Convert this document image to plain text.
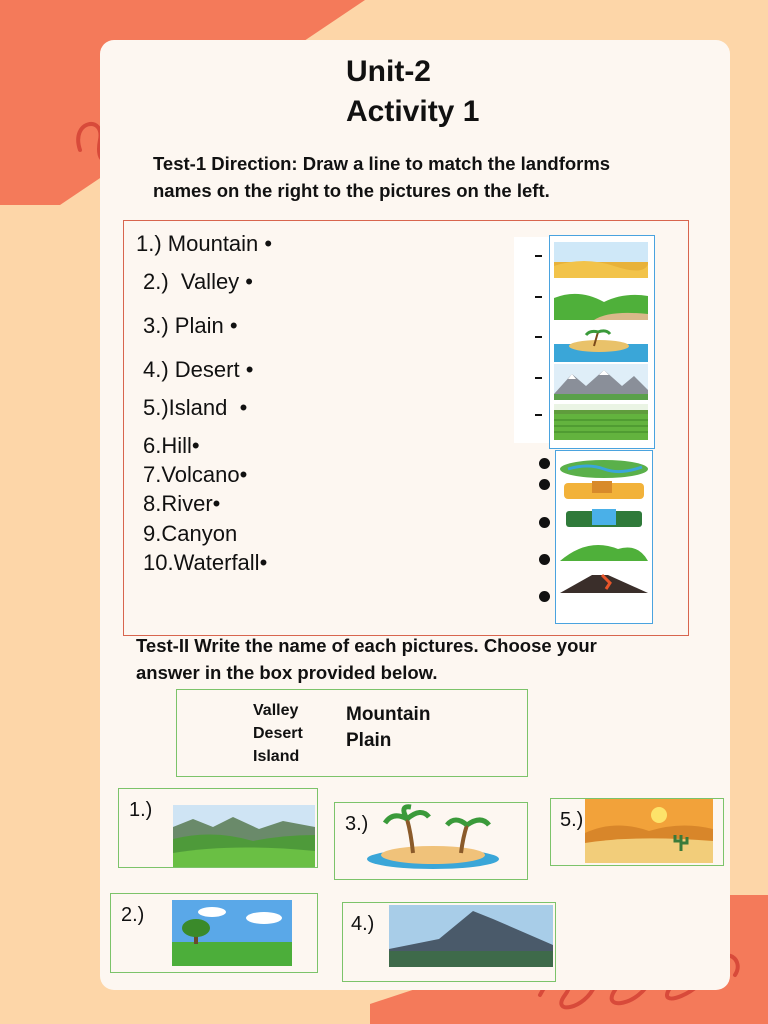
Unit-2
Activity 1
Test-1 Direction: Draw a line to match the landforms
names on the right to the pictures on the left.
1.) Mountain •
2.)  Valley •
3.) Plain •
4.) Desert •
5.)Island  •
6.Hill•
7.Volcano•
8.River•
9.Canyon
10.Waterfall•
Test-II Write the name of each pictures. Choose your
answer in the box provided below.
Valley
Desert
Island
Mountain
Plain
1.)
2.)
3.)
4.)
5.)
